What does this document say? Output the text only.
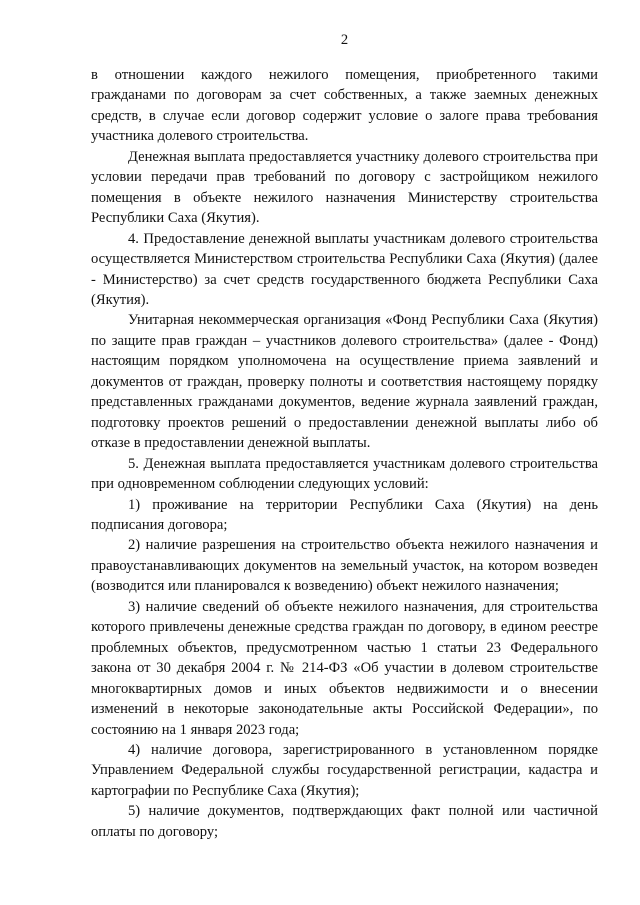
2

в отношении каждого нежилого помещения, приобретенного такими гражданами по договорам за счет собственных, а также заемных денежных средств, в случае если договор содержит условие о залоге права требования участника долевого строительства.

Денежная выплата предоставляется участнику долевого строительства при условии передачи прав требований по договору с застройщиком нежилого помещения в объекте нежилого назначения Министерству строительства Республики Саха (Якутия).

4. Предоставление денежной выплаты участникам долевого строительства осуществляется Министерством строительства Республики Саха (Якутия) (далее - Министерство) за счет средств государственного бюджета Республики Саха (Якутия).

Унитарная некоммерческая организация «Фонд Республики Саха (Якутия) по защите прав граждан – участников долевого строительства» (далее - Фонд) настоящим порядком уполномочена на осуществление приема заявлений и документов от граждан, проверку полноты и соответствия настоящему порядку представленных гражданами документов, ведение журнала заявлений граждан, подготовку проектов решений о предоставлении денежной выплаты либо об отказе в предоставлении денежной выплаты.

5. Денежная выплата предоставляется участникам долевого строительства при одновременном соблюдении следующих условий:

1) проживание на территории Республики Саха (Якутия) на день подписания договора;

2) наличие разрешения на строительство объекта нежилого назначения и правоустанавливающих документов на земельный участок, на котором возведен (возводится или планировался к возведению) объект нежилого назначения;

3) наличие сведений об объекте нежилого назначения, для строительства которого привлечены денежные средства граждан по договору, в едином реестре проблемных объектов, предусмотренном частью 1 статьи 23 Федерального закона от 30 декабря 2004 г. № 214-ФЗ «Об участии в долевом строительстве многоквартирных домов и иных объектов недвижимости и о внесении изменений в некоторые законодательные акты Российской Федерации», по состоянию на 1 января 2023 года;

4) наличие договора, зарегистрированного в установленном порядке Управлением Федеральной службы государственной регистрации, кадастра и картографии по Республике Саха (Якутия);

5) наличие документов, подтверждающих факт полной или частичной оплаты по договору;
